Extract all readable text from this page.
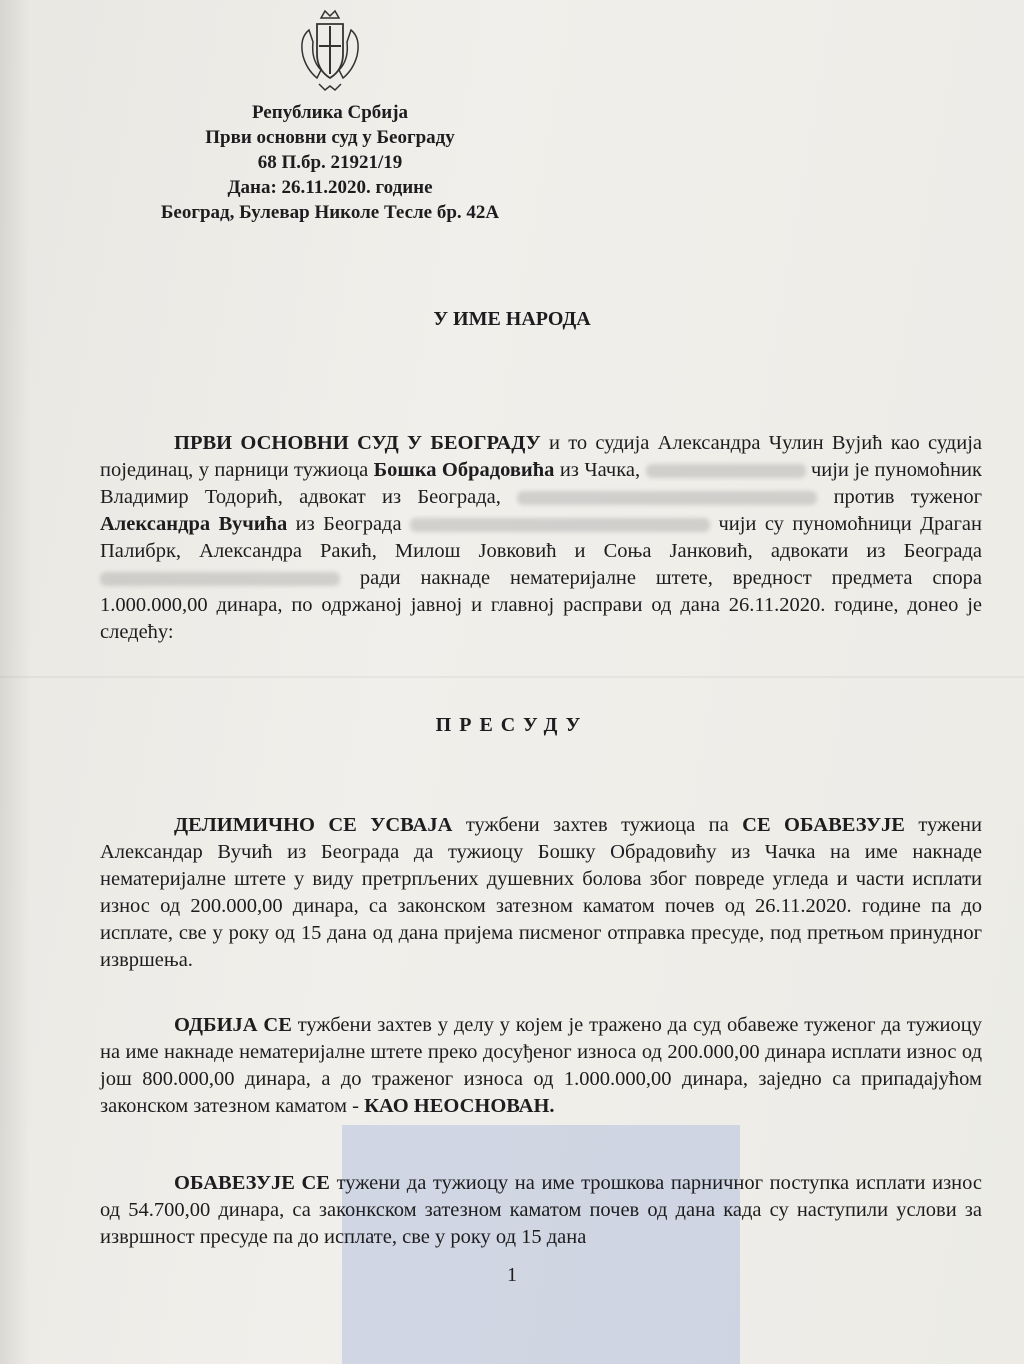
Република Србија
Први основни суд у Београду
68 П.бр. 21921/19
Дана: 26.11.2020. године
Београд, Булевар Николе Тесле бр. 42А
У ИМЕ НАРОДА

ПРВИ ОСНОВНИ СУД У БЕОГРАДУ и то судија Александра Чулин Вујић као судија појединац, у парници тужиоца Бошка Обрадовића из Чачка,	чији је пуномоћник Владимир Тодорић, адвокат из Београда,	против туженог Александра Вучића из Београда	чији су пуномоћници Драган Палибрк, Александра Ракић, Милош Јовковић и Соња Јанковић, адвокати из Београда  ради накнаде нематеријалне штете, вредност предмета спора 1.000.000,00 динара, по одржаној јавној и главној расправи од дана 26.11.2020. године, донео је следећу:

ПРЕСУДУ

ДЕЛИМИЧНО СЕ УСВАЈА тужбени захтев тужиоца па СЕ ОБАВЕЗУЈЕ тужени Александар Вучић из Београда да тужиоцу Бошку Обрадовићу из Чачка на име накнаде нематеријалне штете у виду претрпљених душевних болова због повреде угледа и части исплати износ од 200.000,00 динара, са законском затезном каматом почев од 26.11.2020. године па до исплате, све у року од 15 дана од дана пријема писменог отправка пресуде, под претњом принудног извршења.

ОДБИЈА СЕ тужбени захтев у делу у којем је тражено да суд обавеже туженог да тужиоцу на име накнаде нематеријалне штете преко досуђеног износа од 200.000,00 динара исплати износ од још 800.000,00 динара, а до траженог износа од 1.000.000,00 динара, заједно са припадајућом законском затезном каматом - КАО НЕОСНОВАН.

ОБАВЕЗУЈЕ СЕ тужени да тужиоцу на име трошкова парничног поступка исплати износ од 54.700,00 динара, са законкском затезном каматом почев од дана када су наступили услови за извршност пресуде па до исплате, све у року од 15 дана

1
